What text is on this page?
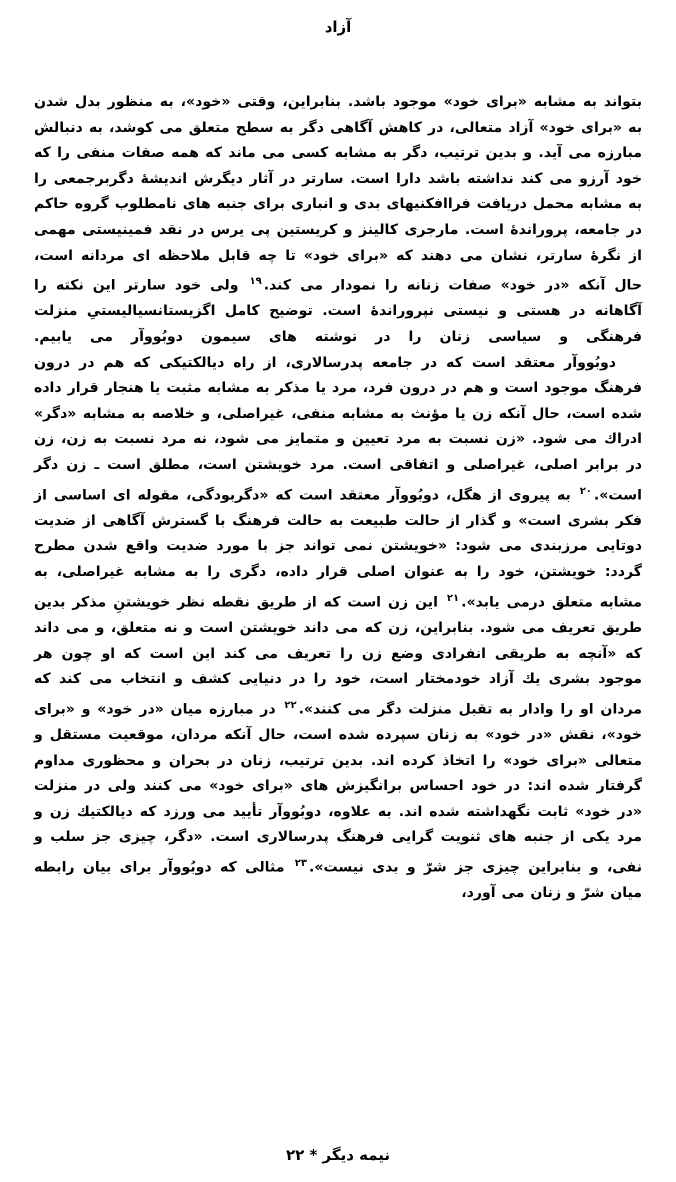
آزاد

بتواند به مشابه «برای خود» موجود باشد. بنابراین، وقتی «خود»، به منظور بدل شدن به «برای خود» آزاد متعالی، در کاهش آگاهی دگر به سطح متعلق می کوشد، به دنبالش مبارزه می آید. و بدین ترتیب، دگر به مشابه کسی می ماند که همه صفات منفی را که خود آرزو می کند نداشته باشد دارا است. سارتر در آثار دیگرش اندیشۀ دگربرجمعی را به مشابه محمل دریافت فراافکنیهای بدی و انباری برای جنبه های نامطلوب گروه حاکم در جامعه، پروراندۀ است. مارجری کالینز و کریستین پی یرس در نقد فمینیستی مهمی از نگرۀ سارتر، نشان می دهند که «برای خود» تا چه قابل ملاحظه ای مردانه است، حال آنکه «در خود» صفات زنانه را نمودار می کند.$^{۱۹}$ ولی خود سارتر این نکته را آگاهانه در هستی و نیستی نپروراندۀ است. توضیح کامل اگزیستانسیالیستیِ منزلت فرهنگی و سیاسی زنان را در نوشته های سیمون دوبُووآر می یابیم.

دوبُووآر معتقد است که در جامعه پدرسالاری، از راه دیالکتیکی که هم در درون فرهنگ موجود است و هم در درون فرد، مرد یا مذکر به مشابه مثبت یا هنجار قرار داده شده است، حال آنکه زن یا مؤنث به مشابه منفی، غیراصلی، و خلاصه به مشابه «دگر» ادراك می شود. «زن نسبت به مرد تعیین و متمایز می شود، نه مرد نسبت به زن، زن در برابر اصلی، غیراصلی و اتفاقی است. مرد خویشتن است، مطلق است ـ زن دگر است».$^{۲۰}$ به پیروی از هگل، دوبُووآر معتقد است که «دگربودگی، مقوله ای اساسی از فکر بشری است» و گذار از حالت طبیعت به حالت فرهنگ با گسترش آگاهی از ضدیت دوتایی مرزبندی می شود: «خویشتن نمی تواند جز با مورد ضدیت واقع شدن مطرح گردد: خویشتن، خود را به عنوان اصلی قرار داده، دگری را به مشابه غیراصلی، به مشابه متعلق درمی یابد».$^{۲۱}$ این زن است که از طریق نقطه نظر خویشتنِ مذکر بدین طریق تعریف می شود. بنابراین، زن که می داند خویشتن است و نه متعلق، و می داند که «آنچه به طریقی انفرادی وضع زن را تعریف می کند این است که او چون هر موجود بشری یك آزاد خودمختار است، خود را در دنیایی کشف و انتخاب می کند که مردان او را وادار به تقبل منزلت دگر می کنند».$^{۲۲}$ در مبارزه میان «در خود» و «برای خود»، نقش «در خود» به زنان سپرده شده است، حال آنکه مردان، موقعیت مستقل و متعالی «برای خود» را اتخاذ کرده اند. بدین ترتیب، زنان در بحران و محظوری مداوم گرفتار شده اند: در خود احساس برانگیزش های «برای خود» می کنند ولی در منزلت «در خود» ثابت نگهداشته شده اند. به علاوه، دوبُووآر تأیید می ورزد که دیالکتیك زن و مرد یکی از جنبه های ثنویت گرایی فرهنگ پدرسالاری است. «دگر، چیزی جز سلب و نفی، و بنابراین چیزی جز شرّ و بدی نیست».$^{۲۳}$ مثالی که دوبُووآر برای بیان رابطه میان شرّ و زنان می آورد،

نیمه دیگر * ۲۲
